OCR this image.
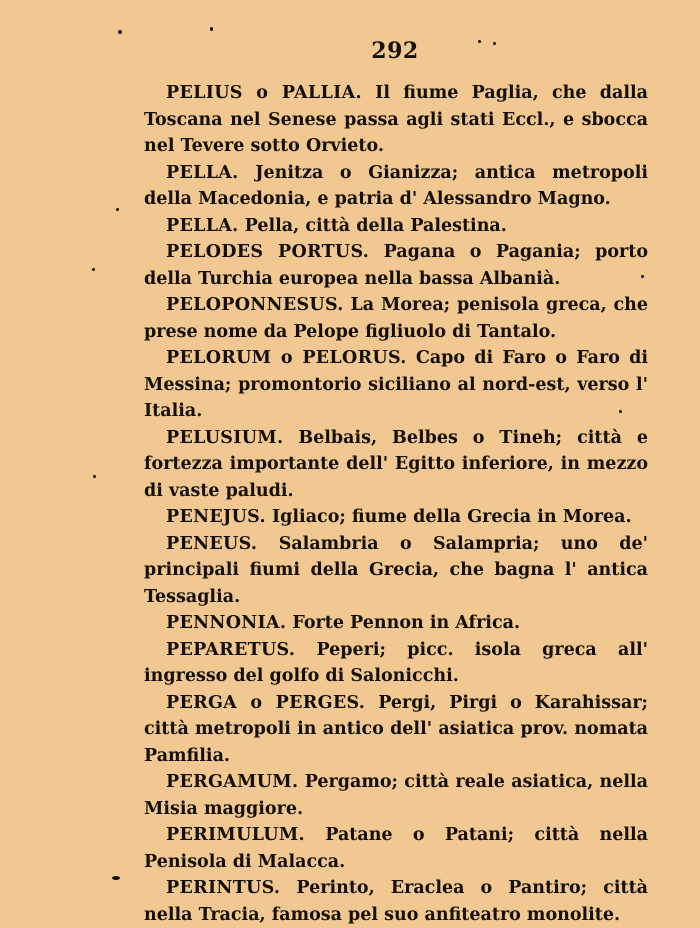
292

PELIUS o PALLIA. Il fiume Paglia, che dalla Toscana nel Senese passa agli stati Eccl., e sbocca nel Tevere sotto Orvieto.

PELLA. Jenitza o Gianizza; antica metropoli della Macedonia, e patria d' Alessandro Magno.

PELLA. Pella, città della Palestina.

PELODES PORTUS. Pagana o Pagania; porto della Turchia europea nella bassa Albanià.

PELOPONNESUS. La Morea; penisola greca, che prese nome da Pelope figliuolo di Tantalo.

PELORUM o PELORUS. Capo di Faro o Faro di Messina; promontorio siciliano al nord-est, verso l' Italia.

PELUSIUM. Belbais, Belbes o Tineh; città e fortezza importante dell' Egitto inferiore, in mezzo di vaste paludi.

PENEJUS. Igliaco; fiume della Grecia in Morea.

PENEUS. Salambria o Salampria; uno de' principali fiumi della Grecia, che bagna l' antica Tessaglia.

PENNONIA. Forte Pennon in Africa.

PEPARETUS. Peperi; picc. isola greca all' ingresso del golfo di Salonicchi.

PERGA o PERGES. Pergi, Pirgi o Karahissar; città metropoli in antico dell' asiatica prov. nomata Pamfilia.

PERGAMUM. Pergamo; città reale asiatica, nella Misia maggiore.

PERIMULUM. Patane o Patani; città nella Penisola di Malacca.

PERINTUS. Perinto, Eraclea o Pantiro; città nella Tracia, famosa pel suo anfiteatro monolite.
